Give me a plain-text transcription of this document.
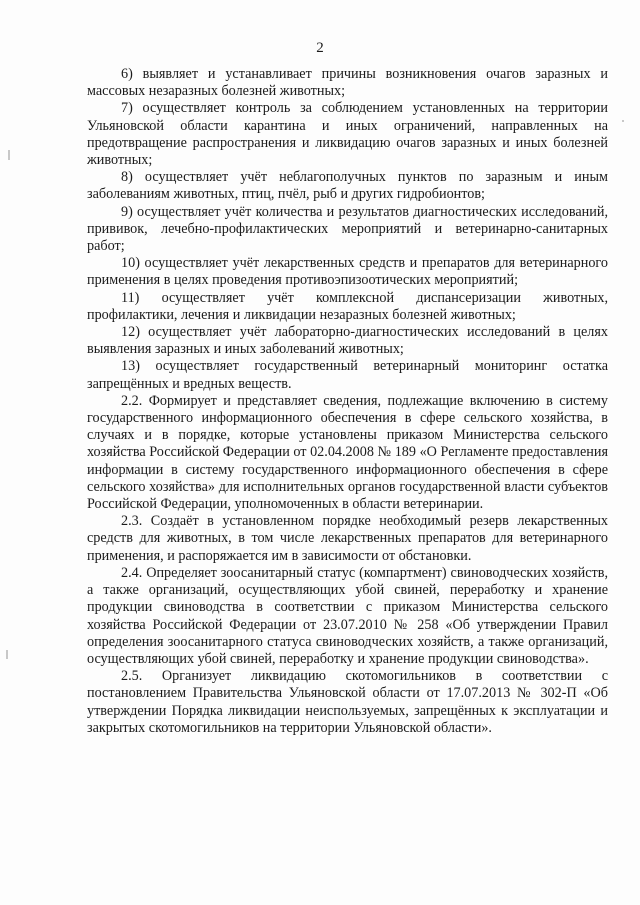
2

6) выявляет и устанавливает причины возникновения очагов заразных и массовых незаразных болезней животных;

7) осуществляет контроль за соблюдением установленных на территории Ульяновской области карантина и иных ограничений, направленных на предотвращение распространения и ликвидацию очагов заразных и иных болезней животных;

8) осуществляет учёт неблагополучных пунктов по заразным и иным заболеваниям животных, птиц, пчёл, рыб и других гидробионтов;

9) осуществляет учёт количества и результатов диагностических исследований, прививок, лечебно-профилактических мероприятий и ветеринарно-санитарных работ;

10) осуществляет учёт лекарственных средств и препаратов для ветеринарного применения в целях проведения противоэпизоотических мероприятий;

11) осуществляет учёт комплексной диспансеризации животных, профилактики, лечения и ликвидации незаразных болезней животных;

12) осуществляет учёт лабораторно-диагностических исследований в целях выявления заразных и иных заболеваний животных;

13) осуществляет государственный ветеринарный мониторинг остатка запрещённых и вредных веществ.

2.2. Формирует и представляет сведения, подлежащие включению в систему государственного информационного обеспечения в сфере сельского хозяйства, в случаях и в порядке, которые установлены приказом Министерства сельского хозяйства Российской Федерации от 02.04.2008 № 189 «О Регламенте предоставления информации в систему государственного информационного обеспечения в сфере сельского хозяйства» для исполнительных органов государственной власти субъектов Российской Федерации, уполномоченных в области ветеринарии.

2.3. Создаёт в установленном порядке необходимый резерв лекарственных средств для животных, в том числе лекарственных препаратов для ветеринарного применения, и распоряжается им в зависимости от обстановки.

2.4. Определяет зоосанитарный статус (компартмент) свиноводческих хозяйств, а также организаций, осуществляющих убой свиней, переработку и хранение продукции свиноводства в соответствии с приказом Министерства сельского хозяйства Российской Федерации от 23.07.2010 № 258 «Об утверждении Правил определения зоосанитарного статуса свиноводческих хозяйств, а также организаций, осуществляющих убой свиней, переработку и хранение продукции свиноводства».

2.5. Организует ликвидацию скотомогильников в соответствии с постановлением Правительства Ульяновской области от 17.07.2013 № 302-П «Об утверждении Порядка ликвидации неиспользуемых, запрещённых к эксплуатации и закрытых скотомогильников на территории Ульяновской области».
